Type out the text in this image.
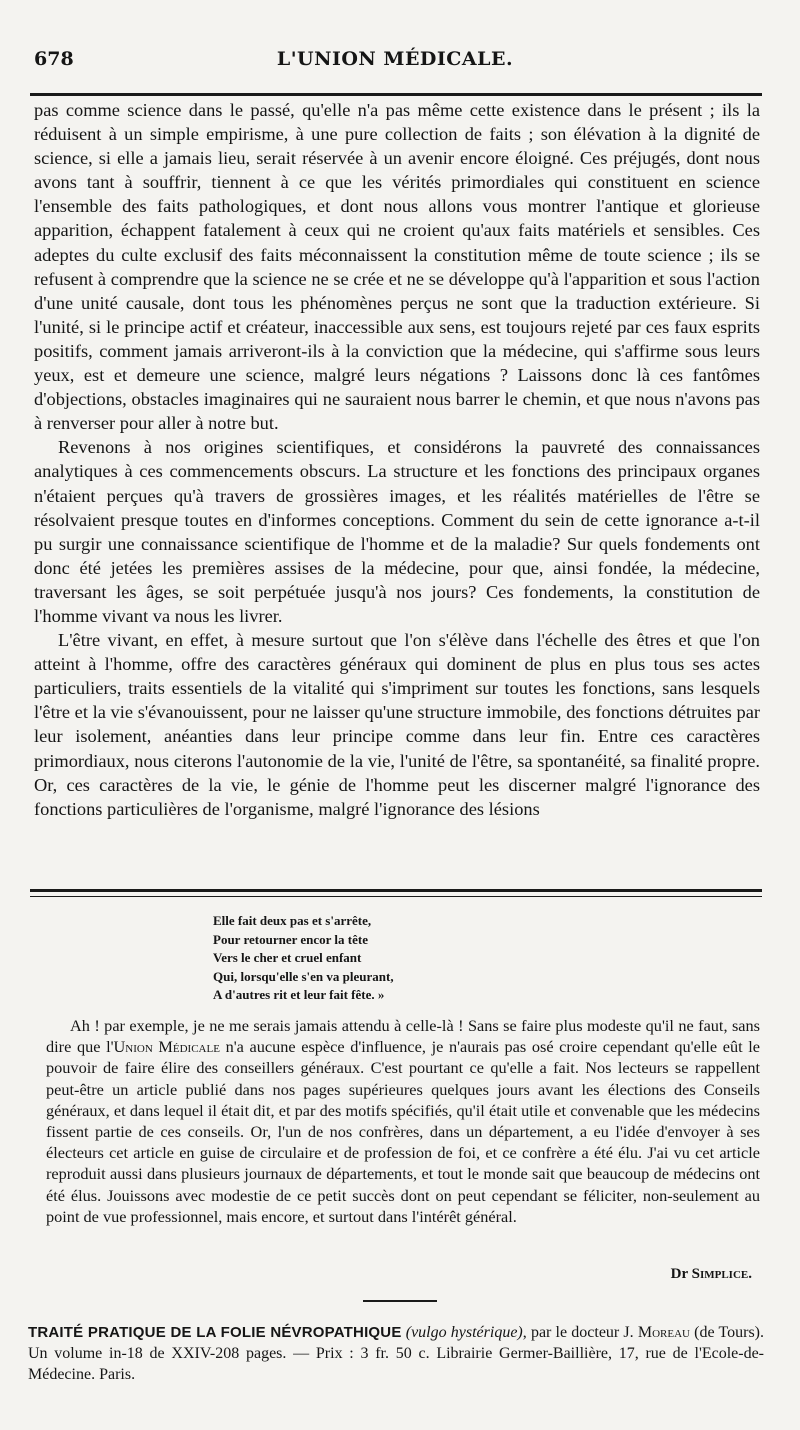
678	L'UNION MÉDICALE.

pas comme science dans le passé, qu'elle n'a pas même cette existence dans le présent ; ils la réduisent à un simple empirisme, à une pure collection de faits ; son élévation à la dignité de science, si elle a jamais lieu, serait réservée à un avenir encore éloigné. Ces préjugés, dont nous avons tant à souffrir, tiennent à ce que les vérités primordiales qui constituent en science l'ensemble des faits pathologiques, et dont nous allons vous montrer l'antique et glorieuse apparition, échappent fatalement à ceux qui ne croient qu'aux faits matériels et sensibles. Ces adeptes du culte exclusif des faits méconnaissent la constitution même de toute science ; ils se refusent à comprendre que la science ne se crée et ne se développe qu'à l'apparition et sous l'action d'une unité causale, dont tous les phénomènes perçus ne sont que la traduction extérieure. Si l'unité, si le principe actif et créateur, inaccessible aux sens, est toujours rejeté par ces faux esprits positifs, comment jamais arriveront-ils à la conviction que la médecine, qui s'affirme sous leurs yeux, est et demeure une science, malgré leurs négations ? Laissons donc là ces fantômes d'objections, obstacles imaginaires qui ne sauraient nous barrer le chemin, et que nous n'avons pas à renverser pour aller à notre but.

Revenons à nos origines scientifiques, et considérons la pauvreté des connaissances analytiques à ces commencements obscurs. La structure et les fonctions des principaux organes n'étaient perçues qu'à travers de grossières images, et les réalités matérielles de l'être se résolvaient presque toutes en d'informes conceptions. Comment du sein de cette ignorance a-t-il pu surgir une connaissance scientifique de l'homme et de la maladie? Sur quels fondements ont donc été jetées les premières assises de la médecine, pour que, ainsi fondée, la médecine, traversant les âges, se soit perpétuée jusqu'à nos jours? Ces fondements, la constitution de l'homme vivant va nous les livrer.

L'être vivant, en effet, à mesure surtout que l'on s'élève dans l'échelle des êtres et que l'on atteint à l'homme, offre des caractères généraux qui dominent de plus en plus tous ses actes particuliers, traits essentiels de la vitalité qui s'impriment sur toutes les fonctions, sans lesquels l'être et la vie s'évanouissent, pour ne laisser qu'une structure immobile, des fonctions détruites par leur isolement, anéanties dans leur principe comme dans leur fin. Entre ces caractères primordiaux, nous citerons l'autonomie de la vie, l'unité de l'être, sa spontanéité, sa finalité propre. Or, ces caractères de la vie, le génie de l'homme peut les discerner malgré l'ignorance des fonctions particulières de l'organisme, malgré l'ignorance des lésions

Elle fait deux pas et s'arrête,
Pour retourner encor la tête
Vers le cher et cruel enfant
Qui, lorsqu'elle s'en va pleurant,
A d'autres rit et leur fait fête. »

Ah ! par exemple, je ne me serais jamais attendu à celle-là ! Sans se faire plus modeste qu'il ne faut, sans dire que l'Union Médicale n'a aucune espèce d'influence, je n'aurais pas osé croire cependant qu'elle eût le pouvoir de faire élire des conseillers généraux. C'est pourtant ce qu'elle a fait. Nos lecteurs se rappellent peut-être un article publié dans nos pages supérieures quelques jours avant les élections des Conseils généraux, et dans lequel il était dit, et par des motifs spécifiés, qu'il était utile et convenable que les médecins fissent partie de ces conseils. Or, l'un de nos confrères, dans un département, a eu l'idée d'envoyer à ses électeurs cet article en guise de circulaire et de profession de foi, et ce confrère a été élu. J'ai vu cet article reproduit aussi dans plusieurs journaux de départements, et tout le monde sait que beaucoup de médecins ont été élus. Jouissons avec modestie de ce petit succès dont on peut cependant se féliciter, non-seulement au point de vue professionnel, mais encore, et surtout dans l'intérêt général.

Dr Simplice.
TRAITÉ PRATIQUE DE LA FOLIE NÉVROPATHIQUE (vulgo hystérique), par le docteur J. Moreau (de Tours). Un volume in-18 de XXIV-208 pages. — Prix : 3 fr. 50 c. Librairie Germer-Baillière, 17, rue de l'Ecole-de-Médecine. Paris.
